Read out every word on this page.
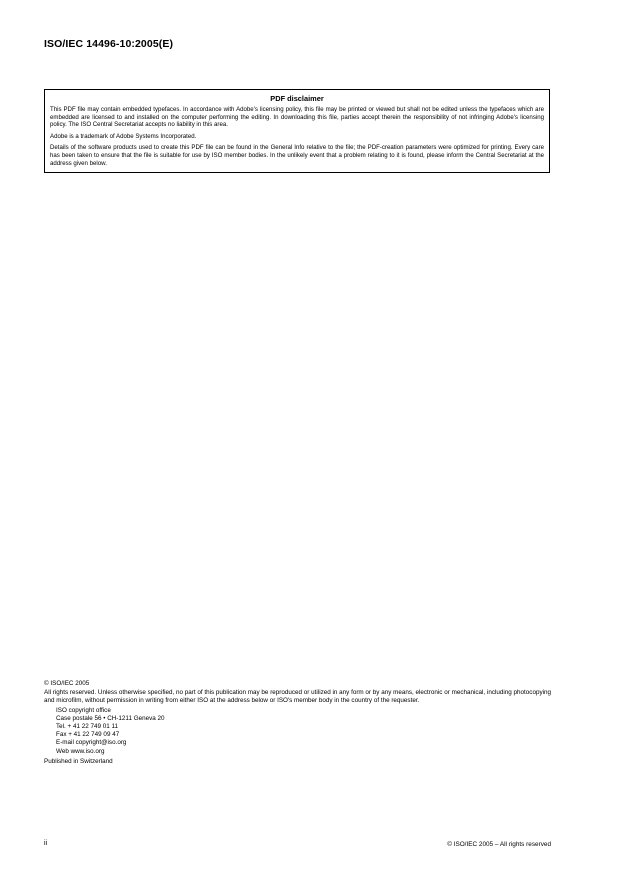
ISO/IEC 14496-10:2005(E)
PDF disclaimer

This PDF file may contain embedded typefaces. In accordance with Adobe's licensing policy, this file may be printed or viewed but shall not be edited unless the typefaces which are embedded are licensed to and installed on the computer performing the editing. In downloading this file, parties accept therein the responsibility of not infringing Adobe's licensing policy. The ISO Central Secretariat accepts no liability in this area.

Adobe is a trademark of Adobe Systems Incorporated.

Details of the software products used to create this PDF file can be found in the General Info relative to the file; the PDF-creation parameters were optimized for printing. Every care has been taken to ensure that the file is suitable for use by ISO member bodies. In the unlikely event that a problem relating to it is found, please inform the Central Secretariat at the address given below.

© ISO/IEC 2005
All rights reserved. Unless otherwise specified, no part of this publication may be reproduced or utilized in any form or by any means, electronic or mechanical, including photocopying and microfilm, without permission in writing from either ISO at the address below or ISO's member body in the country of the requester.
ISO copyright office
Case postale 56 • CH-1211 Geneva 20
Tel. + 41 22 749 01 11
Fax + 41 22 749 09 47
E-mail copyright@iso.org
Web www.iso.org
Published in Switzerland
ii	© ISO/IEC 2005 – All rights reserved
